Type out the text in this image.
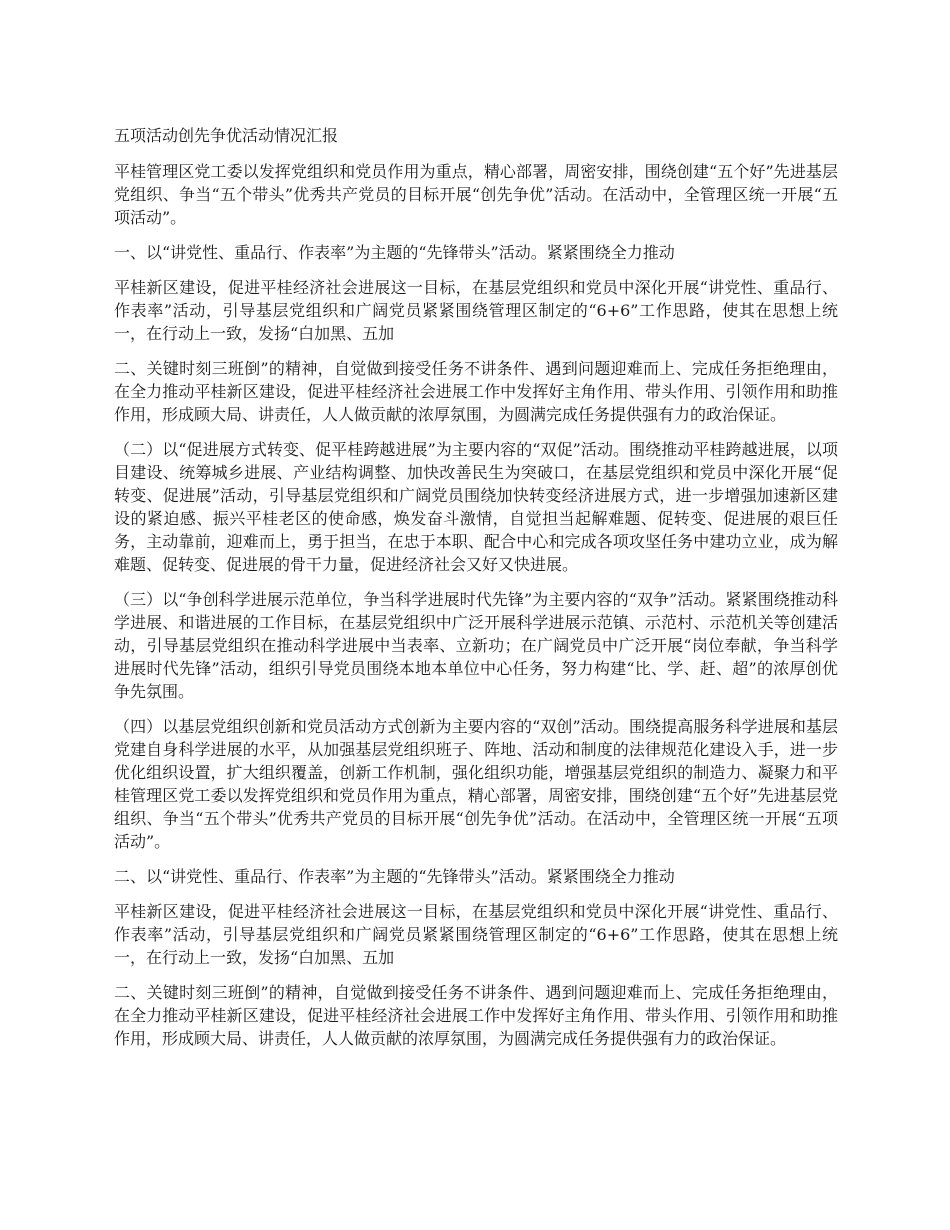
五项活动创先争优活动情况汇报

平桂管理区党工委以发挥党组织和党员作用为重点，精心部署，周密安排，围绕创建“五个好”先进基层党组织、争当“五个带头”优秀共产党员的目标开展“创先争优”活动。在活动中，全管理区统一开展“五项活动”。

一、以“讲党性、重品行、作表率”为主题的“先锋带头”活动。紧紧围绕全力推动

平桂新区建设，促进平桂经济社会进展这一目标，在基层党组织和党员中深化开展“讲党性、重品行、作表率”活动，引导基层党组织和广阔党员紧紧围绕管理区制定的“6+6”工作思路，使其在思想上统一，在行动上一致，发扬“白加黑、五加

二、关键时刻三班倒”的精神，自觉做到接受任务不讲条件、遇到问题迎难而上、完成任务拒绝理由，在全力推动平桂新区建设，促进平桂经济社会进展工作中发挥好主角作用、带头作用、引领作用和助推作用，形成顾大局、讲责任，人人做贡献的浓厚氛围，为圆满完成任务提供强有力的政治保证。

（二）以“促进展方式转变、促平桂跨越进展”为主要内容的“双促”活动。围绕推动平桂跨越进展，以项目建设、统筹城乡进展、产业结构调整、加快改善民生为突破口，在基层党组织和党员中深化开展“促转变、促进展”活动，引导基层党组织和广阔党员围绕加快转变经济进展方式，进一步增强加速新区建设的紧迫感、振兴平桂老区的使命感，焕发奋斗激情，自觉担当起解难题、促转变、促进展的艰巨任务，主动靠前，迎难而上，勇于担当，在忠于本职、配合中心和完成各项攻坚任务中建功立业，成为解难题、促转变、促进展的骨干力量，促进经济社会又好又快进展。

（三）以“争创科学进展示范单位，争当科学进展时代先锋”为主要内容的“双争”活动。紧紧围绕推动科学进展、和谐进展的工作目标，在基层党组织中广泛开展科学进展示范镇、示范村、示范机关等创建活动，引导基层党组织在推动科学进展中当表率、立新功；在广阔党员中广泛开展“岗位奉献，争当科学进展时代先锋”活动，组织引导党员围绕本地本单位中心任务，努力构建“比、学、赶、超”的浓厚创优争先氛围。

（四）以基层党组织创新和党员活动方式创新为主要内容的“双创”活动。围绕提高服务科学进展和基层党建自身科学进展的水平，从加强基层党组织班子、阵地、活动和制度的法律规范化建设入手，进一步优化组织设置，扩大组织覆盖，创新工作机制，强化组织功能，增强基层党组织的制造力、凝聚力和平桂管理区党工委以发挥党组织和党员作用为重点，精心部署，周密安排，围绕创建“五个好”先进基层党组织、争当“五个带头”优秀共产党员的目标开展“创先争优”活动。在活动中，全管理区统一开展“五项活动”。

二、以“讲党性、重品行、作表率”为主题的“先锋带头”活动。紧紧围绕全力推动

平桂新区建设，促进平桂经济社会进展这一目标，在基层党组织和党员中深化开展“讲党性、重品行、作表率”活动，引导基层党组织和广阔党员紧紧围绕管理区制定的“6+6”工作思路，使其在思想上统一，在行动上一致，发扬“白加黑、五加

二、关键时刻三班倒”的精神，自觉做到接受任务不讲条件、遇到问题迎难而上、完成任务拒绝理由，在全力推动平桂新区建设，促进平桂经济社会进展工作中发挥好主角作用、带头作用、引领作用和助推作用，形成顾大局、讲责任，人人做贡献的浓厚氛围，为圆满完成任务提供强有力的政治保证。
